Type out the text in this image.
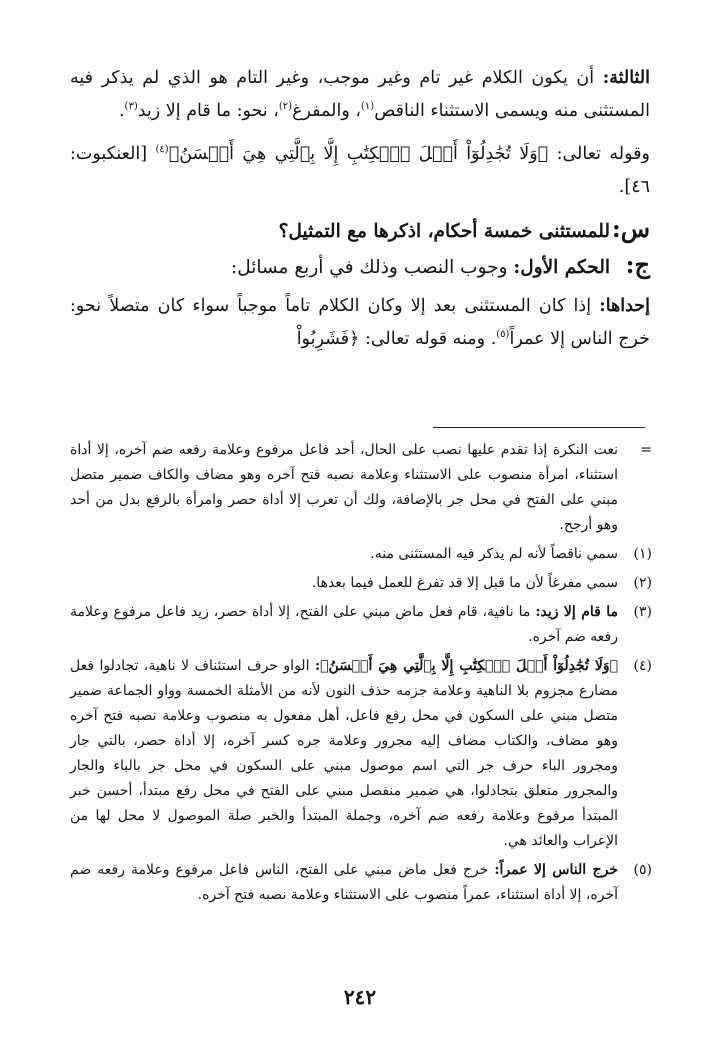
الثالثة: أن يكون الكلام غير تام وغير موجب، وغير التام هو الذي لم يذكر فيه المستثنى منه ويسمى الاستثناء الناقص$^{(١)}$، والمفرغ$^{(٢)}$، نحو: ما قام إلا زيد$^{(٣)}$.

وقوله تعالى: ﴿وَلَا تُجَٰدِلُوٓاْ أَهۡلَ ٱلۡكِتَٰبِ إِلَّا بِٱلَّتِي هِيَ أَحۡسَنُ﴾$^{(٤)}$ [العنكبوت: ٤٦].

س:
للمستثنى خمسة أحكام، اذكرها مع التمثيل؟
ج:
الحكم الأول: وجوب النصب وذلك في أربع مسائل:

إحداها: إذا كان المستثنى بعد إلا وكان الكلام تاماً موجباً سواء كان متصلاً نحو: خرج الناس إلا عمراً$^{(٥)}$. ومنه قوله تعالى: ﴿فَشَرِبُواْ

=
نعت النكرة إذا تقدم عليها نصب على الحال، أحد فاعل مرفوع وعلامة رفعه ضم آخره، إلا أداة استثناء، امرأة منصوب على الاستثناء وعلامة نصبه فتح آخره وهو مضاف والكاف ضمير متصل مبني على الفتح في محل جر بالإضافة، ولك أن تعرب إلا أداة حصر وامرأة بالرفع بدل من أحد وهو أرجح.
(١)
سمي ناقصاً لأنه لم يذكر فيه المستثنى منه.
(٢)
سمي مفرغاً لأن ما قبل إلا قد تفرغ للعمل فيما بعدها.
(٣)
ما قام إلا زيد: ما نافية، قام فعل ماض مبني على الفتح، إلا أداة حصر، زيد فاعل مرفوع وعلامة رفعه ضم آخره.
(٤)
﴿وَلَا تُجَٰدِلُوٓاْ أَهۡلَ ٱلۡكِتَٰبِ إِلَّا بِٱلَّتِي هِيَ أَحۡسَنُ﴾: الواو حرف استئناف لا ناهية، تجادلوا فعل مضارع مجزوم بلا الناهية وعلامة جزمه حذف النون لأنه من الأمثلة الخمسة وواو الجماعة ضمير متصل مبني على السكون في محل رفع فاعل، أهل مفعول به منصوب وعلامة نصبه فتح آخره وهو مضاف، والكتاب مضاف إليه مجرور وعلامة جره كسر آخره، إلا أداة حصر، بالتي جار ومجرور الباء حرف جر التي اسم موصول مبني على السكون في محل جر بالباء والجار والمجرور متعلق بتجادلوا، هي ضمير منفصل مبني على الفتح في محل رفع مبتدأ، أحسن خبر المبتدأ مرفوع وعلامة رفعه ضم آخره، وجملة المبتدأ والخبر صلة الموصول لا محل لها من الإعراب والعائد هي.
(٥)
خرج الناس إلا عمراً: خرج فعل ماض مبني على الفتح، الناس فاعل مرفوع وعلامة رفعه ضم آخره، إلا أداة استثناء، عمراً منصوب على الاستثناء وعلامة نصبه فتح آخره.
٢٤٢
